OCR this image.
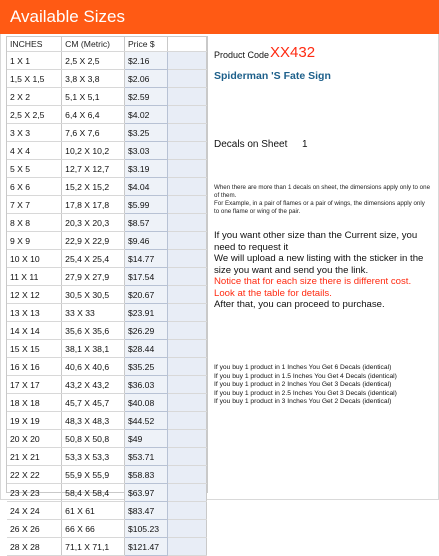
Available Sizes
INCHES	CM (Metric)	Price $	
1 X 1	2,5 X 2,5	$2.16	
1,5 X 1,5	3,8 X 3,8	$2.06	
2 X 2	5,1 X 5,1	$2.59	
2,5 X 2,5	6,4 X 6,4	$4.02	
3 X 3	7,6 X 7,6	$3.25	
4 X 4	10,2 X 10,2	$3.03	
5 X 5	12,7 X 12,7	$3.19	
6 X 6	15,2 X 15,2	$4.04	
7 X 7	17,8 X 17,8	$5.99	
8 X 8	20,3 X 20,3	$8.57	
9 X 9	22,9 X 22,9	$9.46	
10 X 10	25,4 X 25,4	$14.77	
11 X 11	27,9 X 27,9	$17.54	
12 X 12	30,5 X 30,5	$20.67	
13 X 13	33 X 33	$23.91	
14 X 14	35,6 X 35,6	$26.29	
15 X 15	38,1 X 38,1	$28.44	
16 X 16	40,6 X 40,6	$35.25	
17 X 17	43,2 X 43,2	$36.03	
18 X 18	45,7 X 45,7	$40.08	
19 X 19	48,3 X 48,3	$44.52	
20 X 20	50,8 X 50,8	$49	
21 X 21	53,3 X 53,3	$53.71	
22 X 22	55,9 X 55,9	$58.83	
23 X 23	58,4 X 58,4	$63.97	
24 X 24	61 X 61	$83.47	
26 X 26	66 X 66	$105.23	
28 X 28	71,1 X 71,1	$121.47	
Product Code XX432
Spiderman 'S Fate Sign
Decals on Sheet 1
When there are more than 1 decals on sheet, the dimensions apply only to one of them.
For Example, in a pair of flames or a pair of wings, the dimensions apply only to one flame or wing of the pair.
If you want other size than the Current size, you need to request it
We will upload a new listing with the sticker in the size you want and send you the link.
Notice that for each size there is different cost. Look at the table for details.
After that, you can proceed to purchase.
If you buy 1 product in 1 Inches You Get 6 Decals (identical)
If you buy 1 product in 1.5 Inches You Get 4 Decals (identical)
If you buy 1 product in 2 Inches You Get 3 Decals (identical)
If you buy 1 product in 2.5 Inches You Get 3 Decals (identical)
If you buy 1 product in 3 Inches You Get 2 Decals (identical)
